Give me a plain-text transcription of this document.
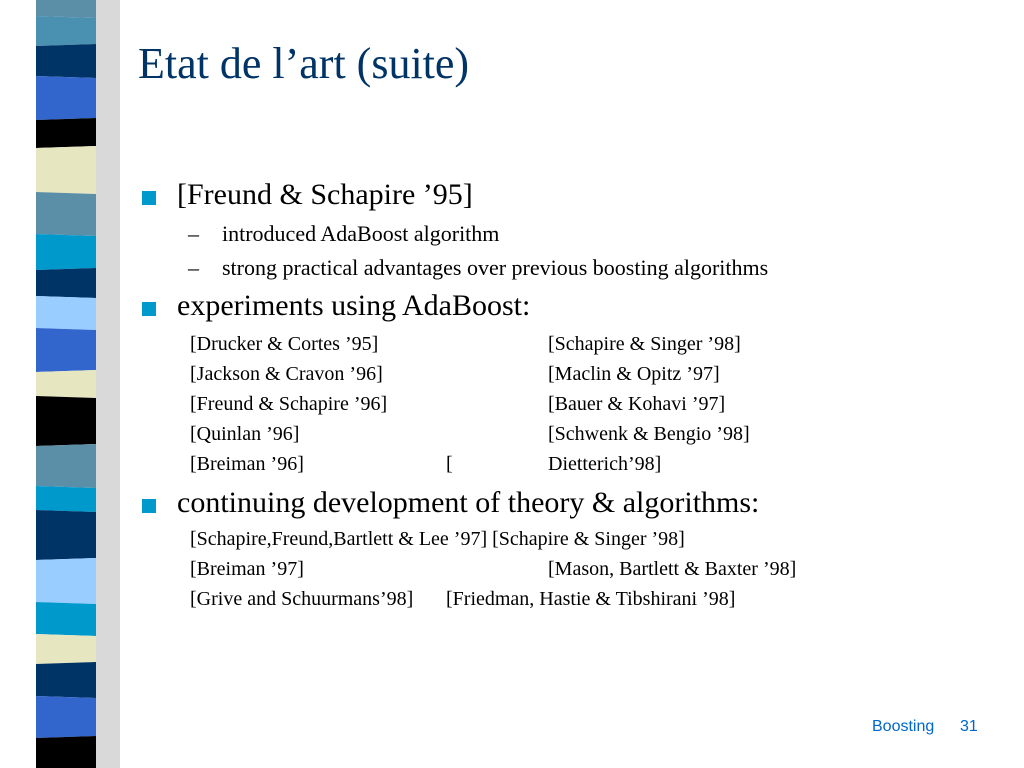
Etat de l’art (suite)
[Freund & Schapire ’95]
– introduced AdaBoost algorithm
– strong practical advantages over previous boosting algorithms
experiments using AdaBoost:
[Drucker & Cortes ’95]	[Schapire & Singer ’98]
[Jackson & Cravon ’96]	[Maclin & Opitz ’97]
[Freund & Schapire ’96]	[Bauer & Kohavi ’97]
[Quinlan ’96]	[Schwenk & Bengio ’98]
[Breiman ’96]	[	Dietterich’98]
continuing development of theory & algorithms:
[Schapire,Freund,Bartlett & Lee ’97] [Schapire & Singer ’98]
[Breiman ’97]	[Mason, Bartlett & Baxter ’98]
[Grive and Schuurmans’98] [Friedman, Hastie & Tibshirani ’98]
Boosting 31
